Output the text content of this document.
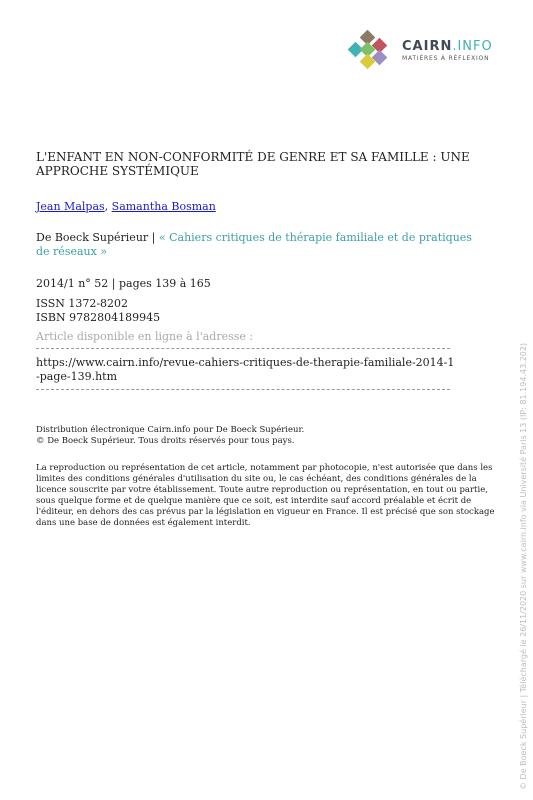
CAIRN.INFO
MATIÈRES À RÉFLEXION
L'ENFANT EN NON-CONFORMITÉ DE GENRE ET SA FAMILLE : UNE APPROCHE SYSTÉMIQUE
Jean Malpas, Samantha Bosman
De Boeck Supérieur | « Cahiers critiques de thérapie familiale et de pratiques de réseaux »
2014/1 n° 52 | pages 139 à 165
ISSN 1372-8202
ISBN 9782804189945
Article disponible en ligne à l'adresse :
https://www.cairn.info/revue-cahiers-critiques-de-therapie-familiale-2014-1-page-139.htm
Distribution électronique Cairn.info pour De Boeck Supérieur.
© De Boeck Supérieur. Tous droits réservés pour tous pays.
La reproduction ou représentation de cet article, notamment par photocopie, n'est autorisée que dans les limites des conditions générales d'utilisation du site ou, le cas échéant, des conditions générales de la licence souscrite par votre établissement. Toute autre reproduction ou représentation, en tout ou partie, sous quelque forme et de quelque manière que ce soit, est interdite sauf accord préalable et écrit de l'éditeur, en dehors des cas prévus par la législation en vigueur en France. Il est précisé que son stockage dans une base de données est également interdit.	© De Boeck Supérieur | Téléchargé le 26/11/2020 sur www.cairn.info via Université Paris 13 (IP: 81.194.43.202)
